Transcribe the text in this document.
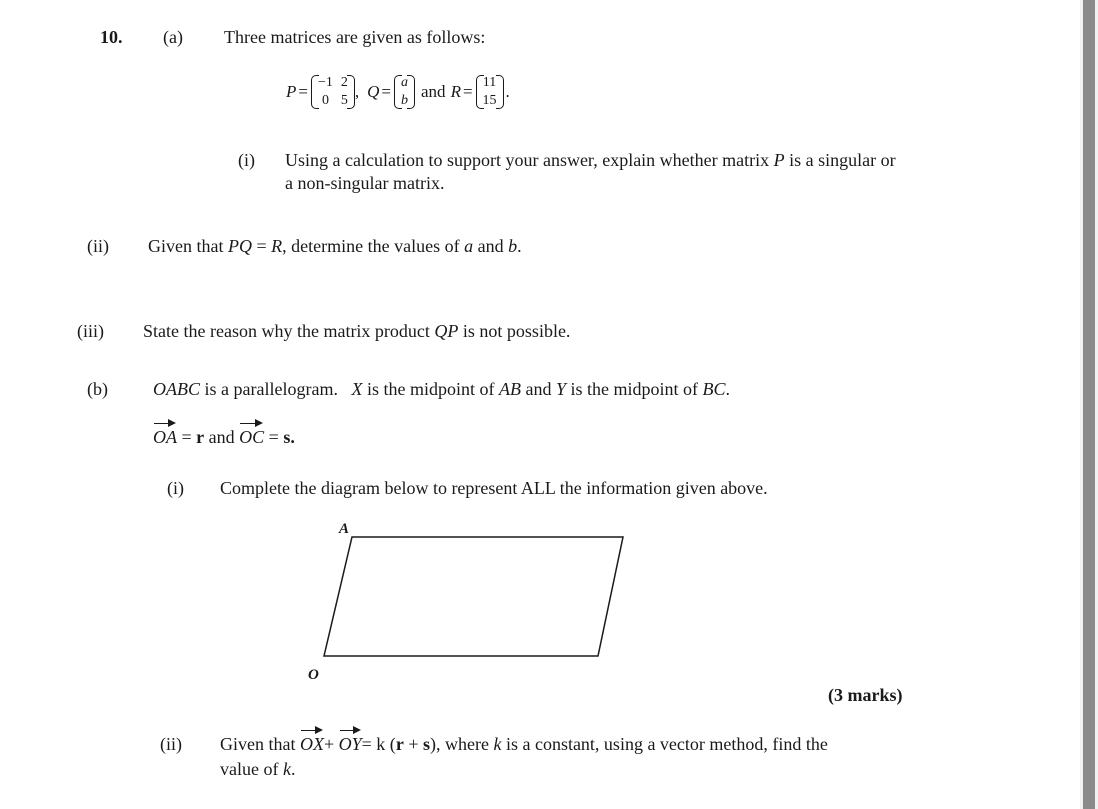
10. (a) Three matrices are given as follows:
P = −1 2
0 5 , Q = a
b and R = 11
15 .
(i) Using a calculation to support your answer, explain whether matrix P is a singular or
a non-singular matrix.
(ii) Given that PQ = R, determine the values of a and b.
(iii) State the reason why the matrix product QP is not possible.
(b)	OABC is a parallelogram. X is the midpoint of AB and Y is the midpoint of BC.
OA = r and OC = s.
(i) Complete the diagram below to represent ALL the information given above.
A
O
(3 marks)
(ii) Given that OX+ OY= k (r + s), where k is a constant, using a vector method, find the
value of k.
